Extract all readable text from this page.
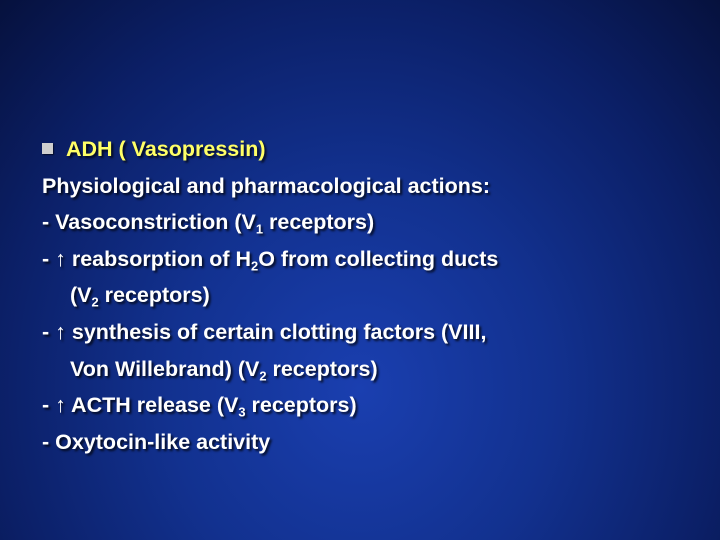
ADH ( Vasopressin)
Physiological and pharmacological actions:
- Vasoconstriction ($V_1$ receptors)
- ↑ reabsorption of $H_2O$ from collecting ducts
($V_2$ receptors)
- ↑ synthesis of certain clotting factors (VIII,
Von Willebrand) ($V_2$ receptors)
- ↑ ACTH release ($V_3$ receptors)
- Oxytocin-like activity
